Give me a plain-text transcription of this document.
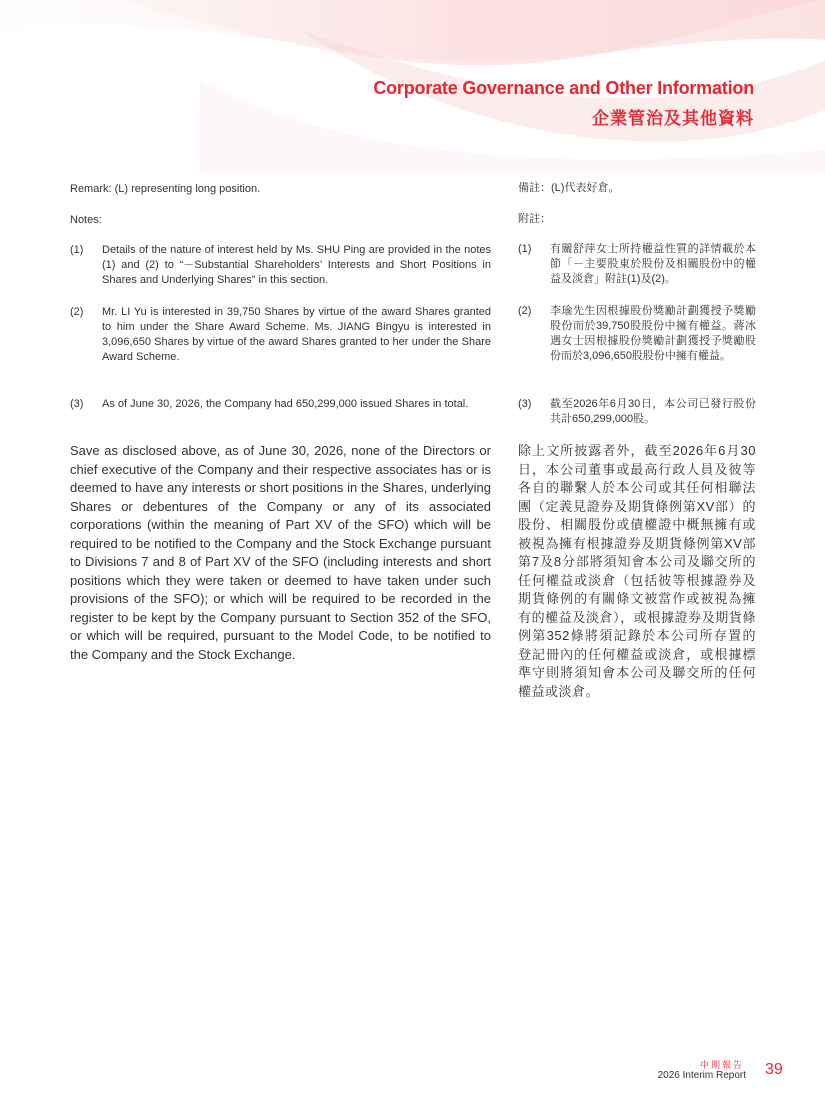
Corporate Governance and Other Information
企業管治及其他資料
Remark: (L) representing long position.
Notes:
(1) Details of the nature of interest held by Ms. SHU Ping are provided in the notes (1) and (2) to “－Substantial Shareholders’ Interests and Short Positions in Shares and Underlying Shares” in this section.
(2) Mr. LI Yu is interested in 39,750 Shares by virtue of the award Shares granted to him under the Share Award Scheme. Ms. JIANG Bingyu is interested in 3,096,650 Shares by virtue of the award Shares granted to her under the Share Award Scheme.
(3) As of June 30, 2026, the Company had 650,299,000 issued Shares in total.
Save as disclosed above, as of June 30, 2026, none of the Directors or chief executive of the Company and their respective associates has or is deemed to have any interests or short positions in the Shares, underlying Shares or debentures of the Company or any of its associated corporations (within the meaning of Part XV of the SFO) which will be required to be notified to the Company and the Stock Exchange pursuant to Divisions 7 and 8 of Part XV of the SFO (including interests and short positions which they were taken or deemed to have taken under such provisions of the SFO); or which will be required to be recorded in the register to be kept by the Company pursuant to Section 352 of the SFO, or which will be required, pursuant to the Model Code, to be notified to the Company and the Stock Exchange.
備註：(L)代表好倉。
附註：
(1) 有關舒萍女士所持權益性質的詳情載於本節「－主要股東於股份及相關股份中的權益及淡倉」附註(1)及(2)。
(2) 李瑜先生因根據股份獎勵計劃獲授予獎勵股份而於39,750股股份中擁有權益。蔣冰遇女士因根據股份獎勵計劃獲授予獎勵股份而於3,096,650股股份中擁有權益。
(3) 截至2026年6月30日，本公司已發行股份共計650,299,000股。
除上文所披露者外，截至2026年6月30日，本公司董事或最高行政人員及彼等各自的聯繫人於本公司或其任何相聯法團（定義見證券及期貨條例第XV部）的股份、相關股份或債權證中概無擁有或被視為擁有根據證券及期貨條例第XV部第7及8分部將須知會本公司及聯交所的任何權益或淡倉（包括彼等根據證券及期貨條例的有關條文被當作或被視為擁有的權益及淡倉），或根據證券及期貨條例第352條將須記錄於本公司所存置的登記冊內的任何權益或淡倉，或根據標準守則將須知會本公司及聯交所的任何權益或淡倉。
中期報告
2026 Interim Report 39
